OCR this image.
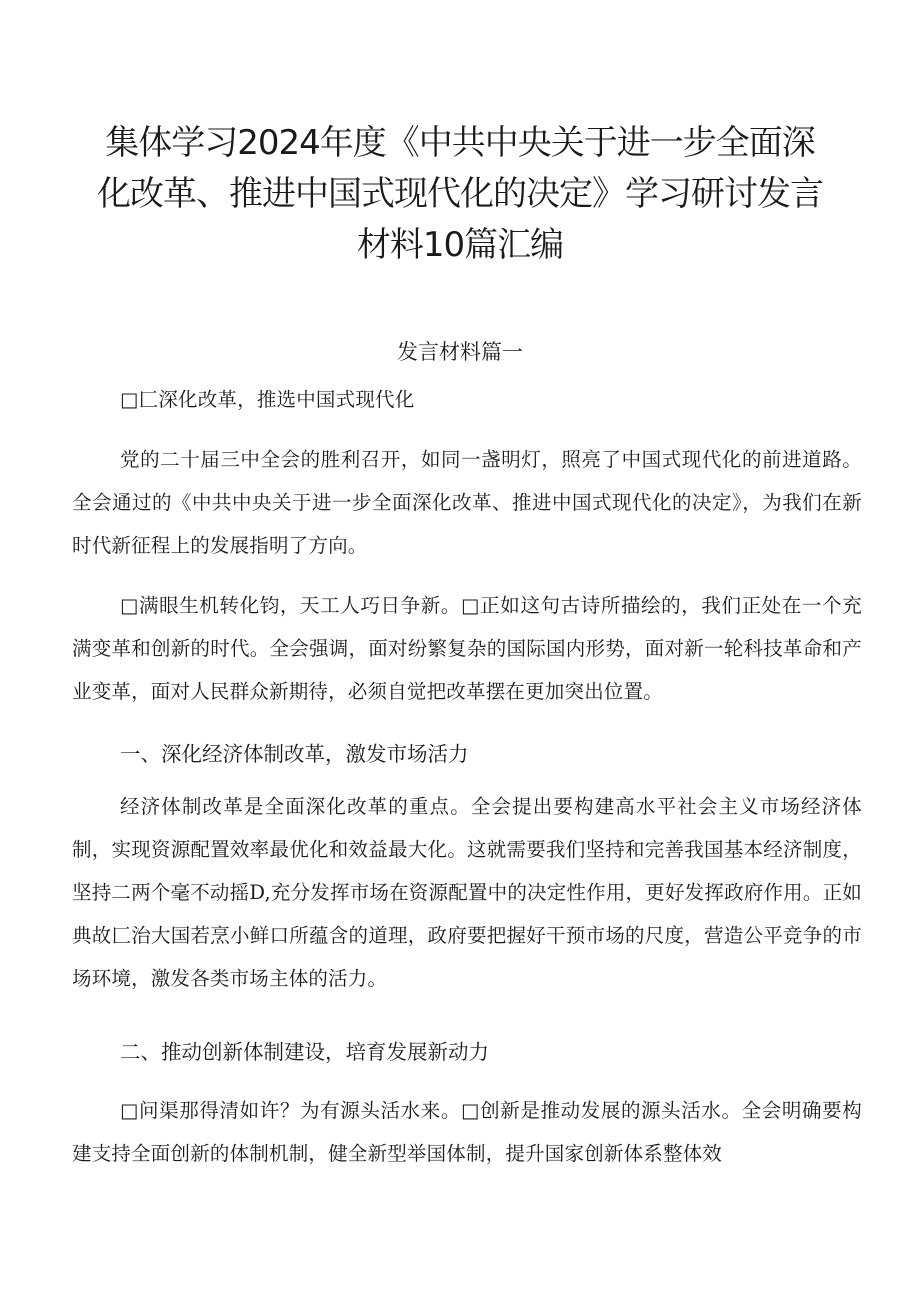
集体学习2024年度《中共中央关于进一步全面深化改革、推进中国式现代化的决定》学习研讨发言材料10篇汇编
发言材料篇一

□匚深化改革，推选中国式现代化

党的二十届三中全会的胜利召开，如同一盏明灯，照亮了中国式现代化的前进道路。全会通过的《中共中央关于进一步全面深化改革、推进中国式现代化的决定》，为我们在新时代新征程上的发展指明了方向。

□满眼生机转化钧，天工人巧日争新。□正如这句古诗所描绘的，我们正处在一个充满变革和创新的时代。全会强调，面对纷繁复杂的国际国内形势，面对新一轮科技革命和产业变革，面对人民群众新期待，必须自觉把改革摆在更加突出位置。

一、深化经济体制改革，激发市场活力

经济体制改革是全面深化改革的重点。全会提出要构建高水平社会主义市场经济体制，实现资源配置效率最优化和效益最大化。这就需要我们坚持和完善我国基本经济制度，坚持二两个毫不动摇D,充分发挥市场在资源配置中的决定性作用，更好发挥政府作用。正如典故匚治大国若烹小鲜口所蕴含的道理，政府要把握好干预市场的尺度，营造公平竞争的市场环境，激发各类市场主体的活力。

二、推动创新体制建设，培育发展新动力

□问渠那得清如许？为有源头活水来。□创新是推动发展的源头活水。全会明确要构建支持全面创新的体制机制，健全新型举国体制，提升国家创新体系整体效
